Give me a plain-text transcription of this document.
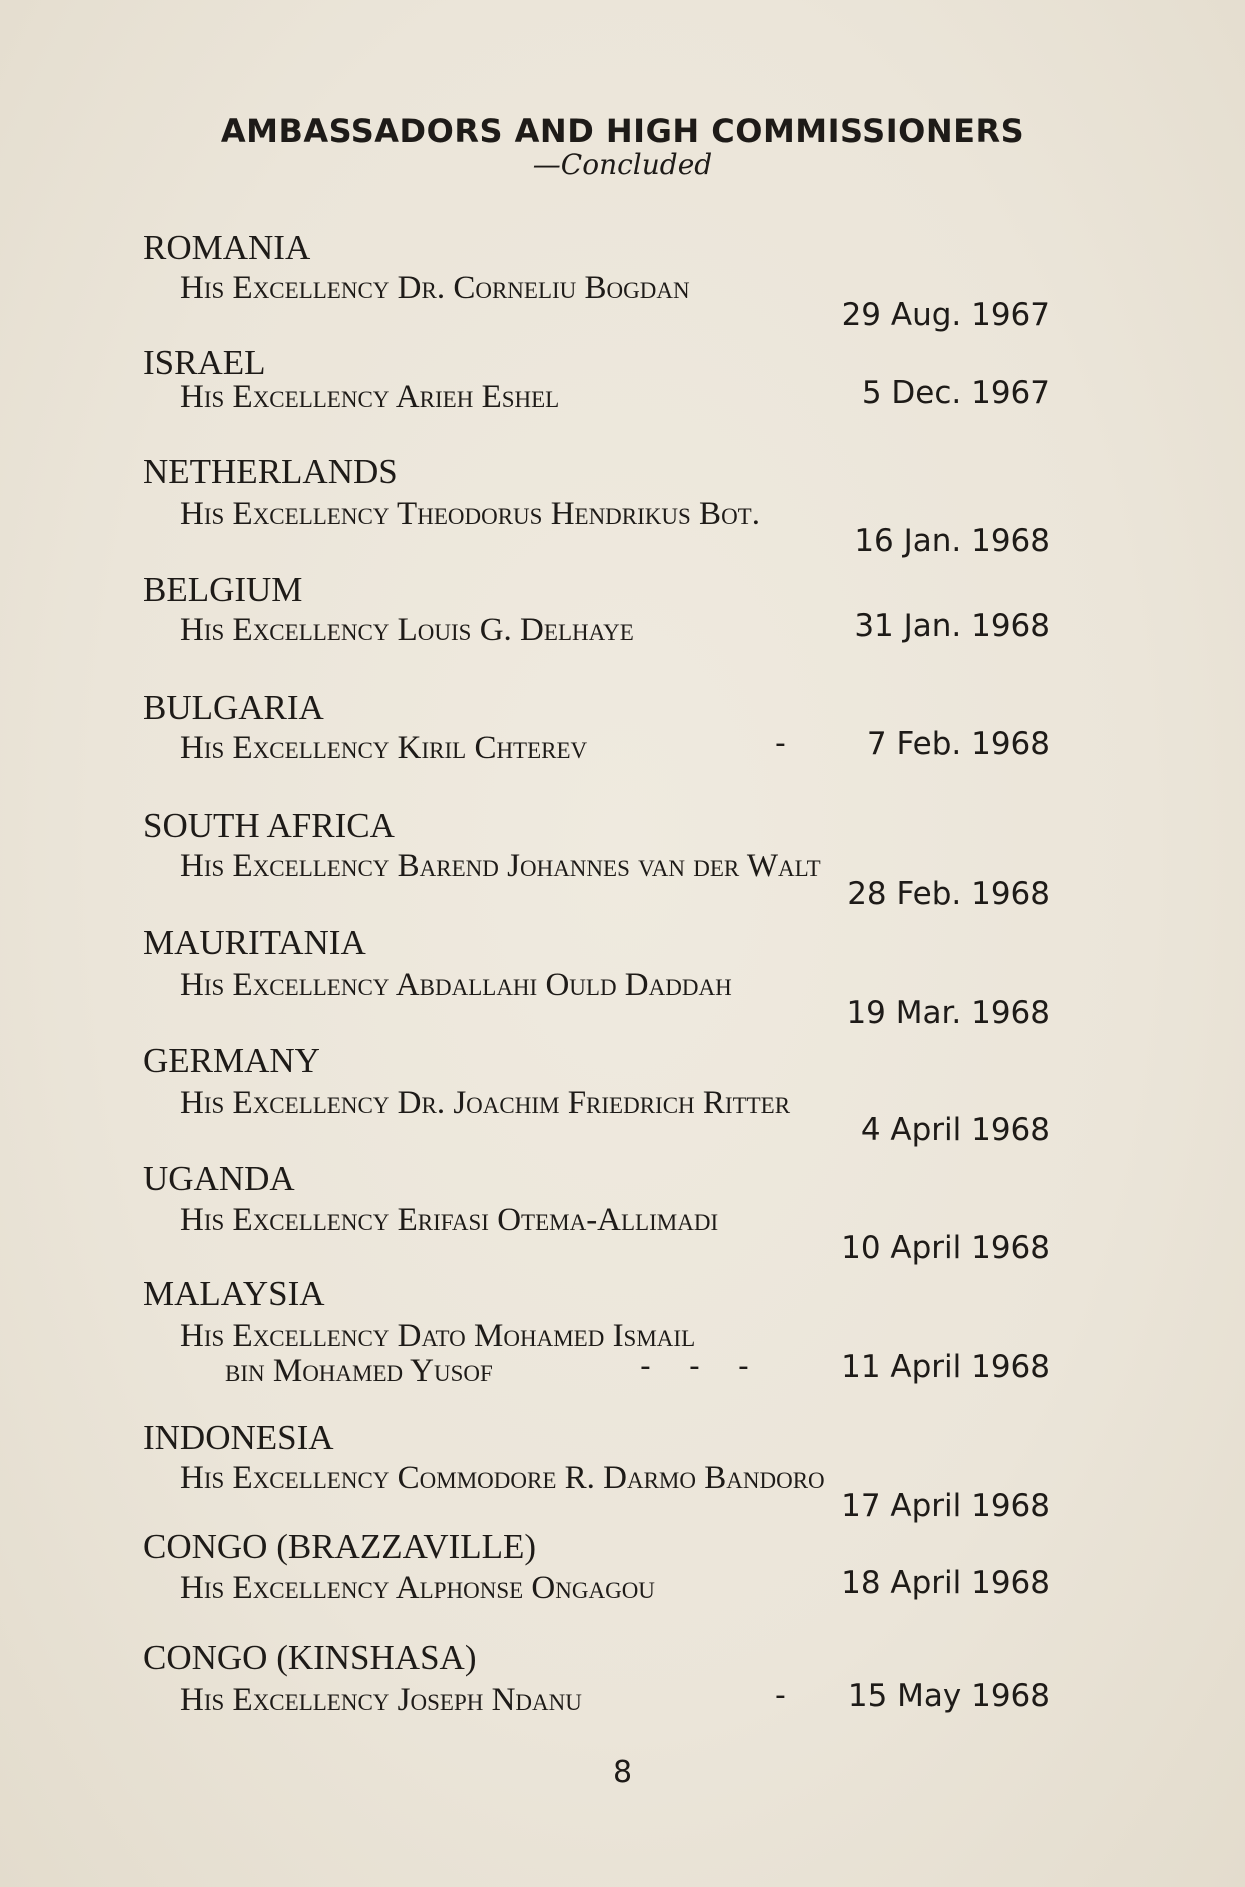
AMBASSADORS AND HIGH COMMISSIONERS
—Concluded
ROMANIA
His Excellency Dr. Corneliu Bogdan
29 Aug. 1967
ISRAEL
His Excellency Arieh Eshel	5 Dec. 1967
NETHERLANDS
His Excellency Theodorus Hendrikus Bot.
16 Jan. 1968
BELGIUM
His Excellency Louis G. Delhaye	31 Jan. 1968
BULGARIA
His Excellency Kiril Chterev	-	7 Feb. 1968
SOUTH AFRICA
His Excellency Barend Johannes van der Walt
28 Feb. 1968
MAURITANIA
His Excellency Abdallahi Ould Daddah
19 Mar. 1968
GERMANY
His Excellency Dr. Joachim Friedrich Ritter
4 April 1968
UGANDA
His Excellency Erifasi Otema-Allimadi
10 April 1968
MALAYSIA
His Excellency Dato Mohamed Ismail
bin Mohamed Yusof	-    -    -	11 April 1968
INDONESIA
His Excellency Commodore R. Darmo Bandoro
17 April 1968
CONGO (BRAZZAVILLE)
His Excellency Alphonse Ongagou	18 April 1968
CONGO (KINSHASA)
His Excellency Joseph Ndanu	- 15 May 1968
8
